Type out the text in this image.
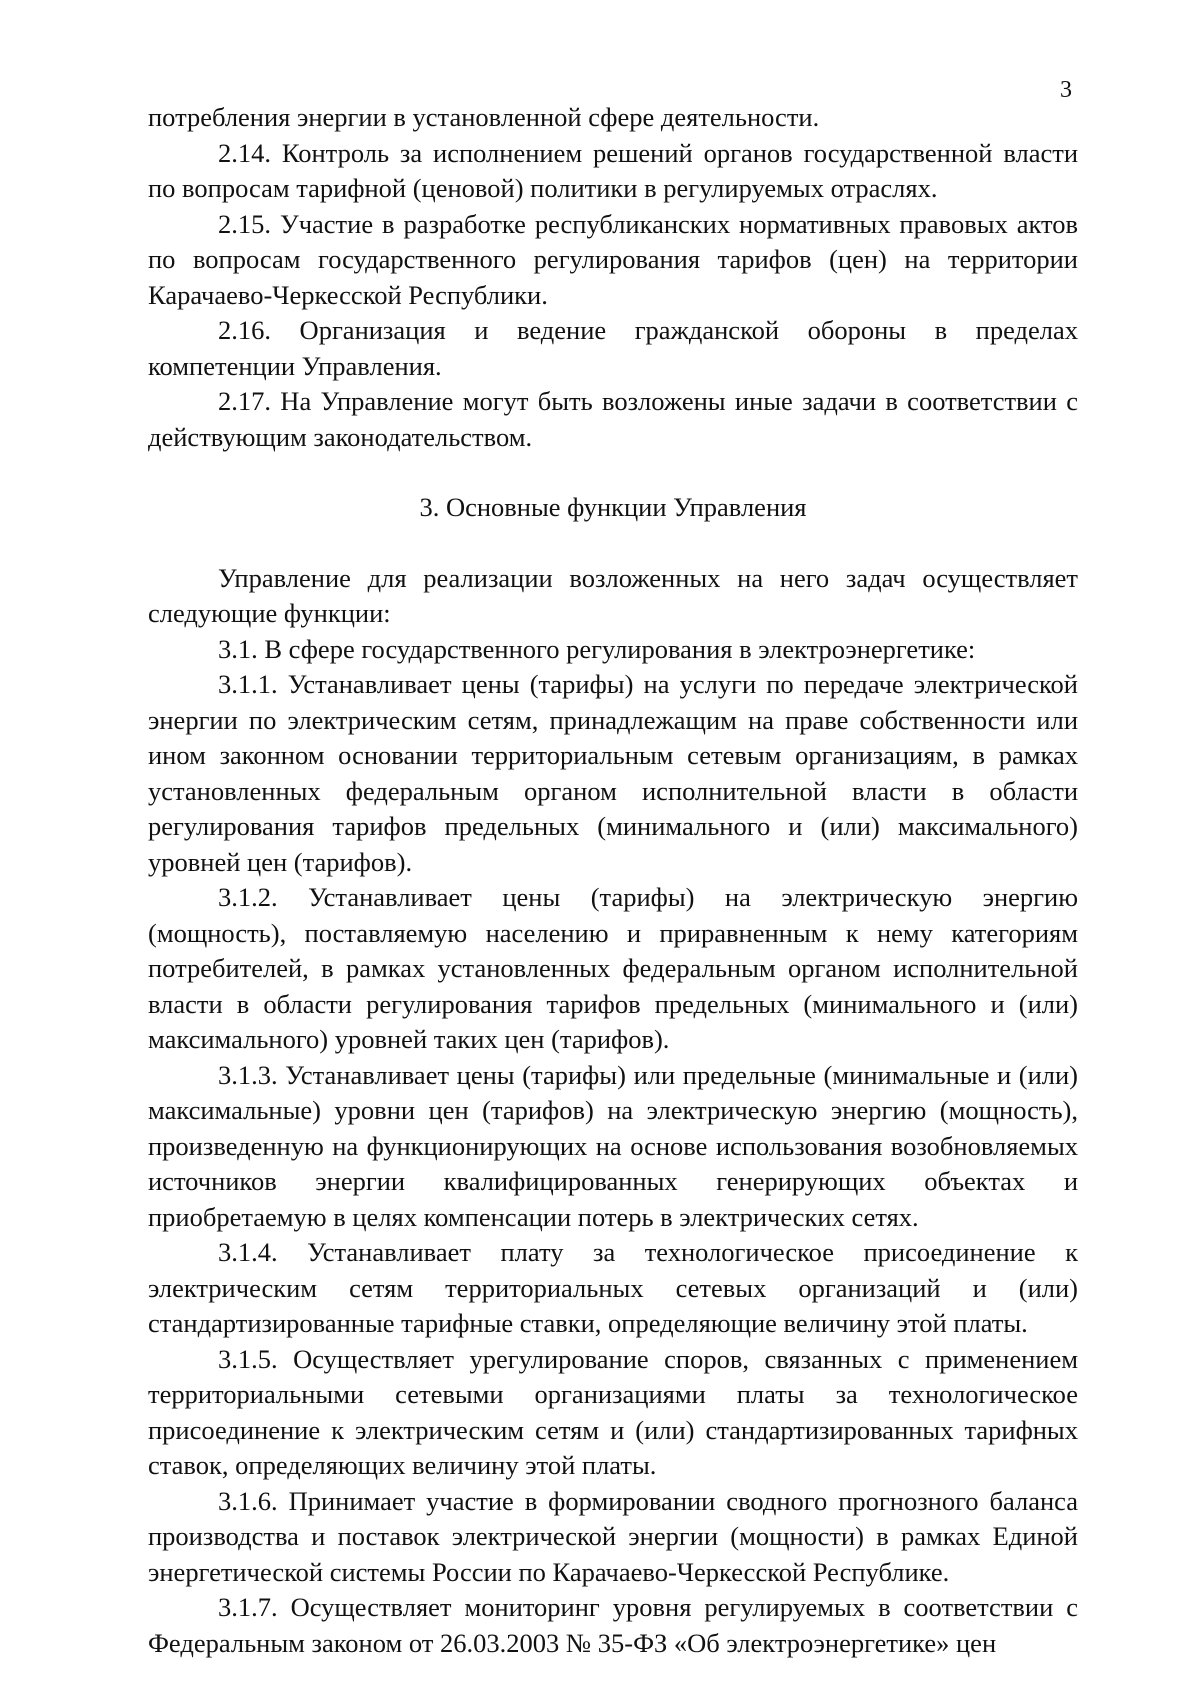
3

потребления энергии в установленной сфере деятельности.

2.14. Контроль за исполнением решений органов государственной власти по вопросам тарифной (ценовой) политики в регулируемых отраслях.

2.15. Участие в разработке республиканских нормативных правовых актов по вопросам государственного регулирования тарифов (цен) на территории Карачаево-Черкесской Республики.

2.16. Организация и ведение гражданской обороны в пределах компетенции Управления.

2.17. На Управление могут быть возложены иные задачи в соответствии с действующим законодательством.

3. Основные функции Управления

Управление для реализации возложенных на него задач осуществляет следующие функции:

3.1. В сфере государственного регулирования в электроэнергетике:

3.1.1. Устанавливает цены (тарифы) на услуги по передаче электрической энергии по электрическим сетям, принадлежащим на праве собственности или ином законном основании территориальным сетевым организациям, в рамках установленных федеральным органом исполнительной власти в области регулирования тарифов предельных (минимального и (или) максимального) уровней цен (тарифов).

3.1.2. Устанавливает цены (тарифы) на электрическую энергию (мощность), поставляемую населению и приравненным к нему категориям потребителей, в рамках установленных федеральным органом исполнительной власти в области регулирования тарифов предельных (минимального и (или) максимального) уровней таких цен (тарифов).

3.1.3. Устанавливает цены (тарифы) или предельные (минимальные и (или) максимальные) уровни цен (тарифов) на электрическую энергию (мощность), произведенную на функционирующих на основе использования возобновляемых источников энергии квалифицированных генерирующих объектах и приобретаемую в целях компенсации потерь в электрических сетях.

3.1.4. Устанавливает плату за технологическое присоединение к электрическим сетям территориальных сетевых организаций и (или) стандартизированные тарифные ставки, определяющие величину этой платы.

3.1.5. Осуществляет урегулирование споров, связанных с применением территориальными сетевыми организациями платы за технологическое присоединение к электрическим сетям и (или) стандартизированных тарифных ставок, определяющих величину этой платы.

3.1.6. Принимает участие в формировании сводного прогнозного баланса производства и поставок электрической энергии (мощности) в рамках Единой энергетической системы России по Карачаево-Черкесской Республике.

3.1.7. Осуществляет мониторинг уровня регулируемых в соответствии с Федеральным законом от 26.03.2003 № 35-ФЗ «Об электроэнергетике» цен
